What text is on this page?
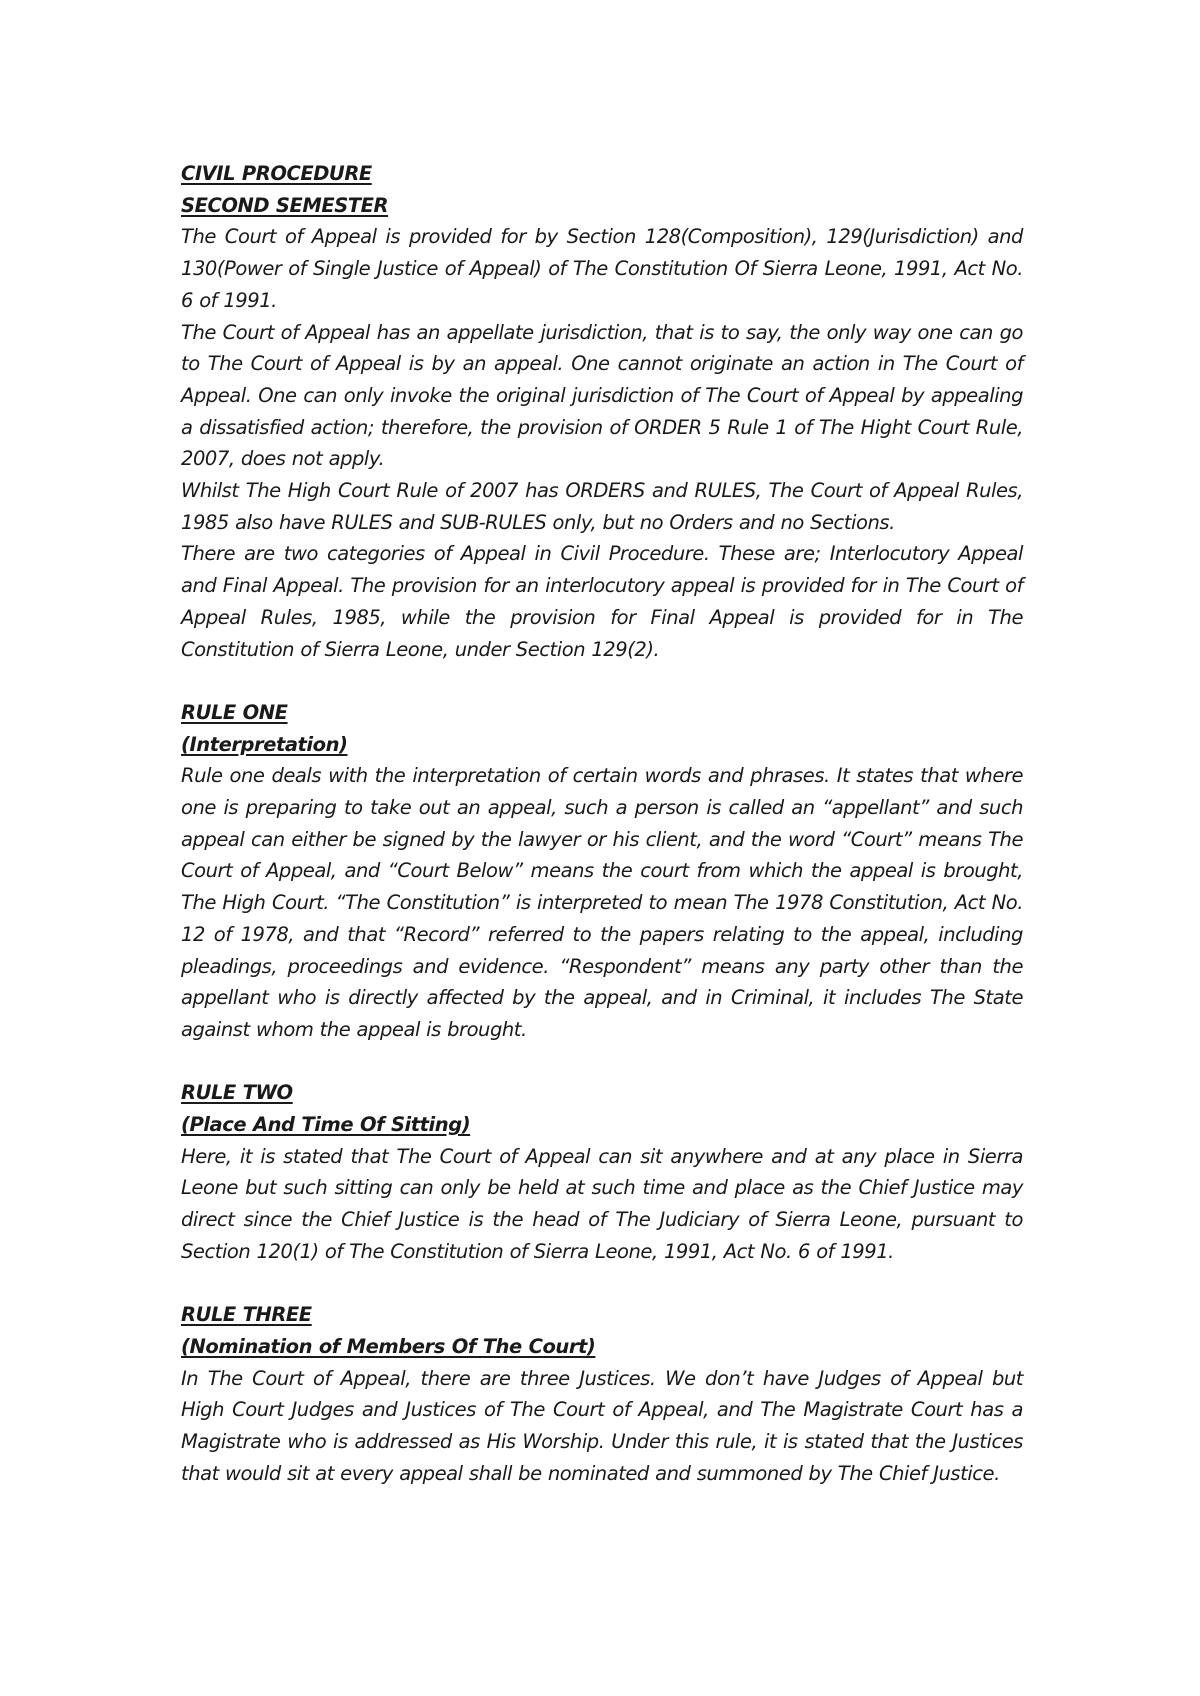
CIVIL PROCEDURE

SECOND SEMESTER

The Court of Appeal is provided for by Section 128(Composition), 129(Jurisdiction) and 130(Power of Single Justice of Appeal) of The Constitution Of Sierra Leone, 1991, Act No. 6 of 1991.

The Court of Appeal has an appellate jurisdiction, that is to say, the only way one can go to The Court of Appeal is by an appeal. One cannot originate an action in The Court of Appeal. One can only invoke the original jurisdiction of The Court of Appeal by appealing a dissatisfied action; therefore, the provision of ORDER 5 Rule 1 of The Hight Court Rule, 2007, does not apply.

Whilst The High Court Rule of 2007 has ORDERS and RULES, The Court of Appeal Rules, 1985 also have RULES and SUB-RULES only, but no Orders and no Sections.

There are two categories of Appeal in Civil Procedure. These are; Interlocutory Appeal and Final Appeal. The provision for an interlocutory appeal is provided for in The Court of Appeal Rules, 1985, while the provision for Final Appeal is provided for in The Constitution of Sierra Leone, under Section 129(2).

RULE ONE

(Interpretation)

Rule one deals with the interpretation of certain words and phrases. It states that where one is preparing to take out an appeal, such a person is called an “appellant” and such appeal can either be signed by the lawyer or his client, and the word “Court” means The Court of Appeal, and “Court Below” means the court from which the appeal is brought, The High Court. “The Constitution” is interpreted to mean The 1978 Constitution, Act No. 12 of 1978, and that “Record” referred to the papers relating to the appeal, including pleadings, proceedings and evidence. “Respondent” means any party other than the appellant who is directly affected by the appeal, and in Criminal, it includes The State against whom the appeal is brought.

RULE TWO

(Place And Time Of Sitting)

Here, it is stated that The Court of Appeal can sit anywhere and at any place in Sierra Leone but such sitting can only be held at such time and place as the Chief Justice may direct since the Chief Justice is the head of The Judiciary of Sierra Leone, pursuant to Section 120(1) of The Constitution of Sierra Leone, 1991, Act No. 6 of 1991.

RULE THREE

(Nomination of Members Of The Court)

In The Court of Appeal, there are three Justices. We don’t have Judges of Appeal but High Court Judges and Justices of The Court of Appeal, and The Magistrate Court has a Magistrate who is addressed as His Worship. Under this rule, it is stated that the Justices that would sit at every appeal shall be nominated and summoned by The Chief Justice.
